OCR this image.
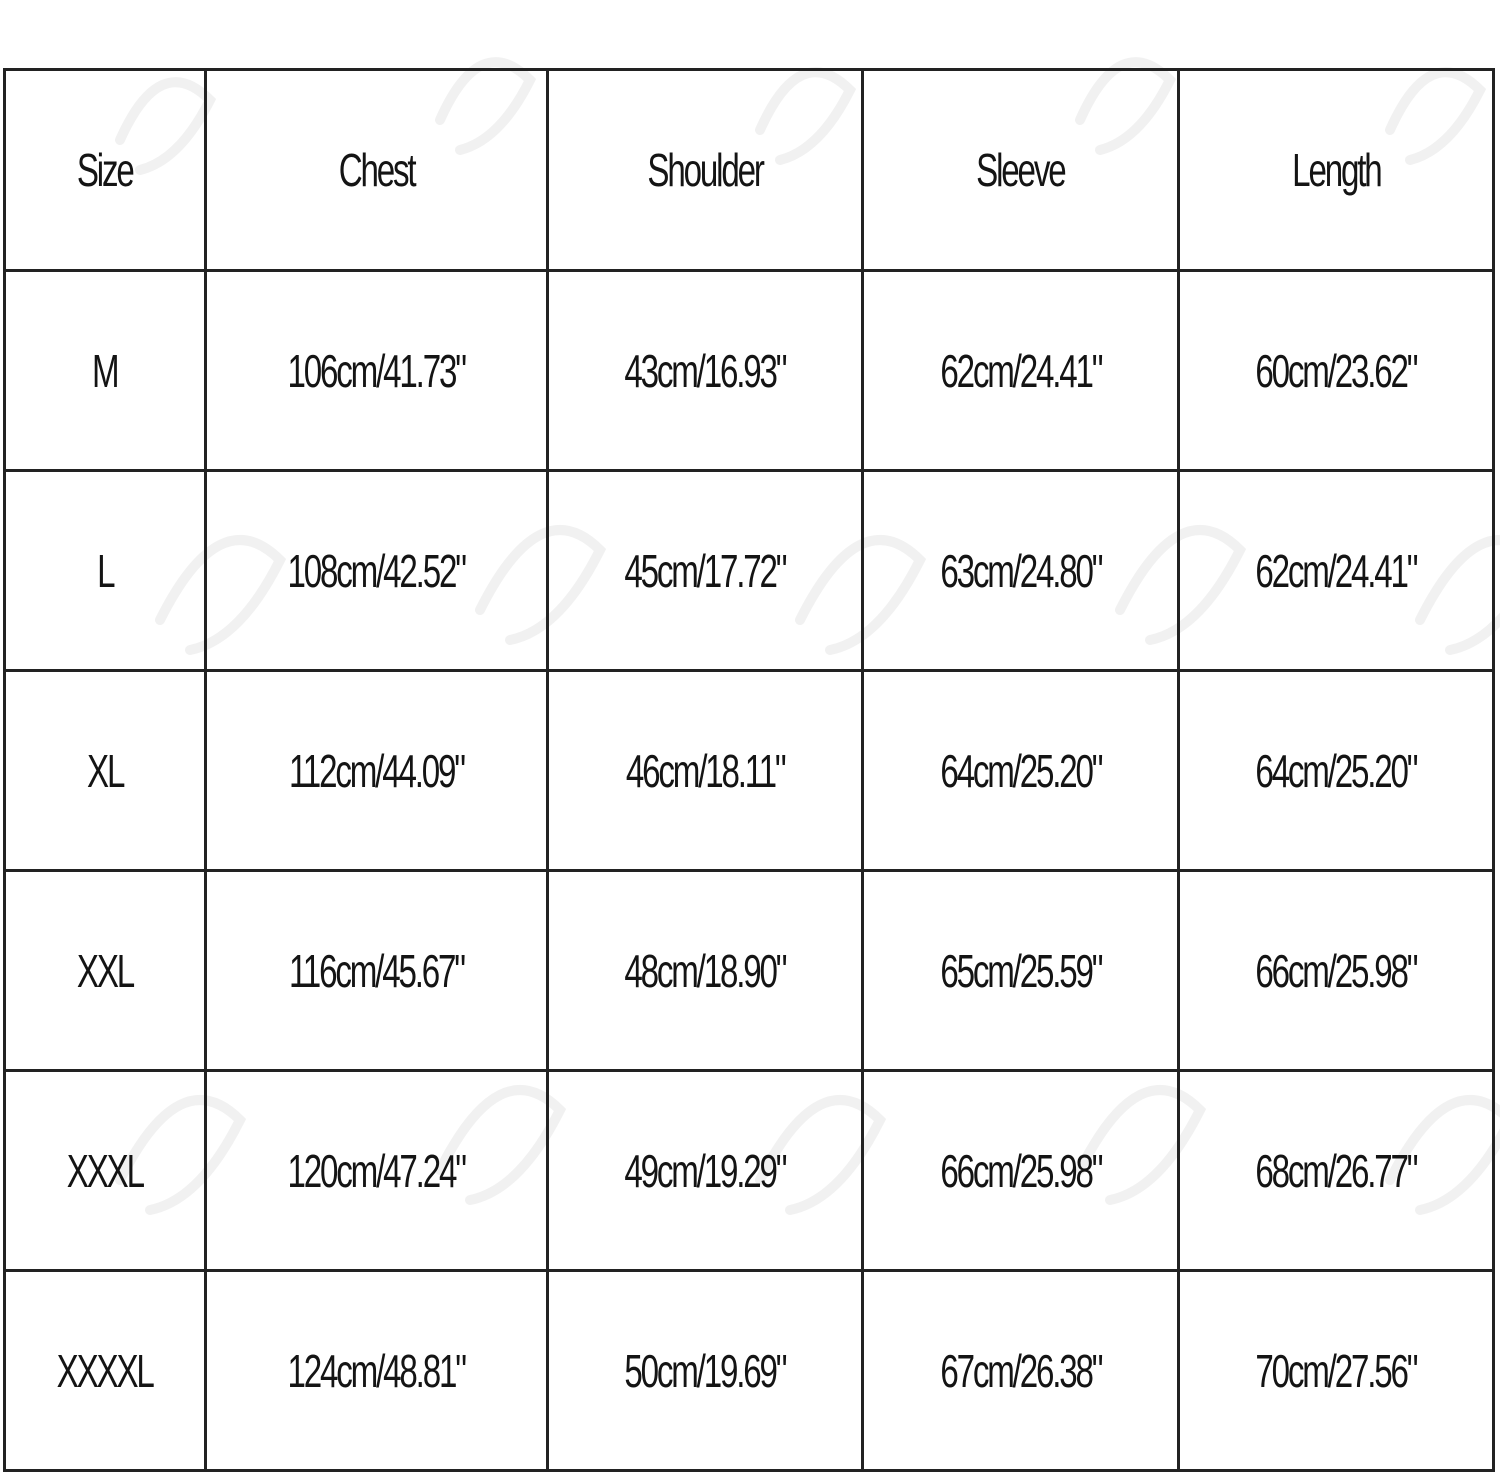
Size	Chest	Shoulder	Sleeve	Length
M	106cm/41.73"	43cm/16.93"	62cm/24.41"	60cm/23.62"
L	108cm/42.52"	45cm/17.72"	63cm/24.80"	62cm/24.41"
XL	112cm/44.09"	46cm/18.11"	64cm/25.20"	64cm/25.20"
XXL	116cm/45.67"	48cm/18.90"	65cm/25.59"	66cm/25.98"
XXXL	120cm/47.24"	49cm/19.29"	66cm/25.98"	68cm/26.77"
XXXXL	124cm/48.81"	50cm/19.69"	67cm/26.38"	70cm/27.56"
